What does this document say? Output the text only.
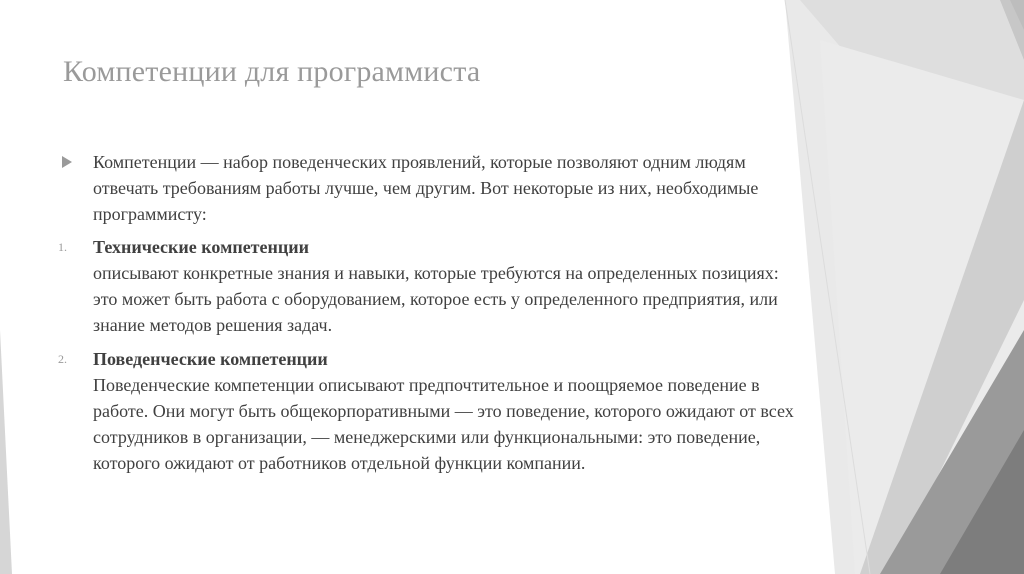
Компетенции для программиста
Компетенции — набор поведенческих проявлений, которые позволяют одним людям отвечать требованиям работы лучше, чем другим. Вот некоторые из них, необходимые программисту:
1.	Технические компетенции
описывают конкретные знания и навыки, которые требуются на определенных позициях: это может быть работа с оборудованием, которое есть у определенного предприятия, или знание методов решения задач.
2.	Поведенческие компетенции
Поведенческие компетенции описывают предпочтительное и поощряемое поведение в работе. Они могут быть общекорпоративными — это поведение, которого ожидают от всех сотрудников в организации, — менеджерскими или функциональными: это поведение, которого ожидают от работников отдельной функции компании.
